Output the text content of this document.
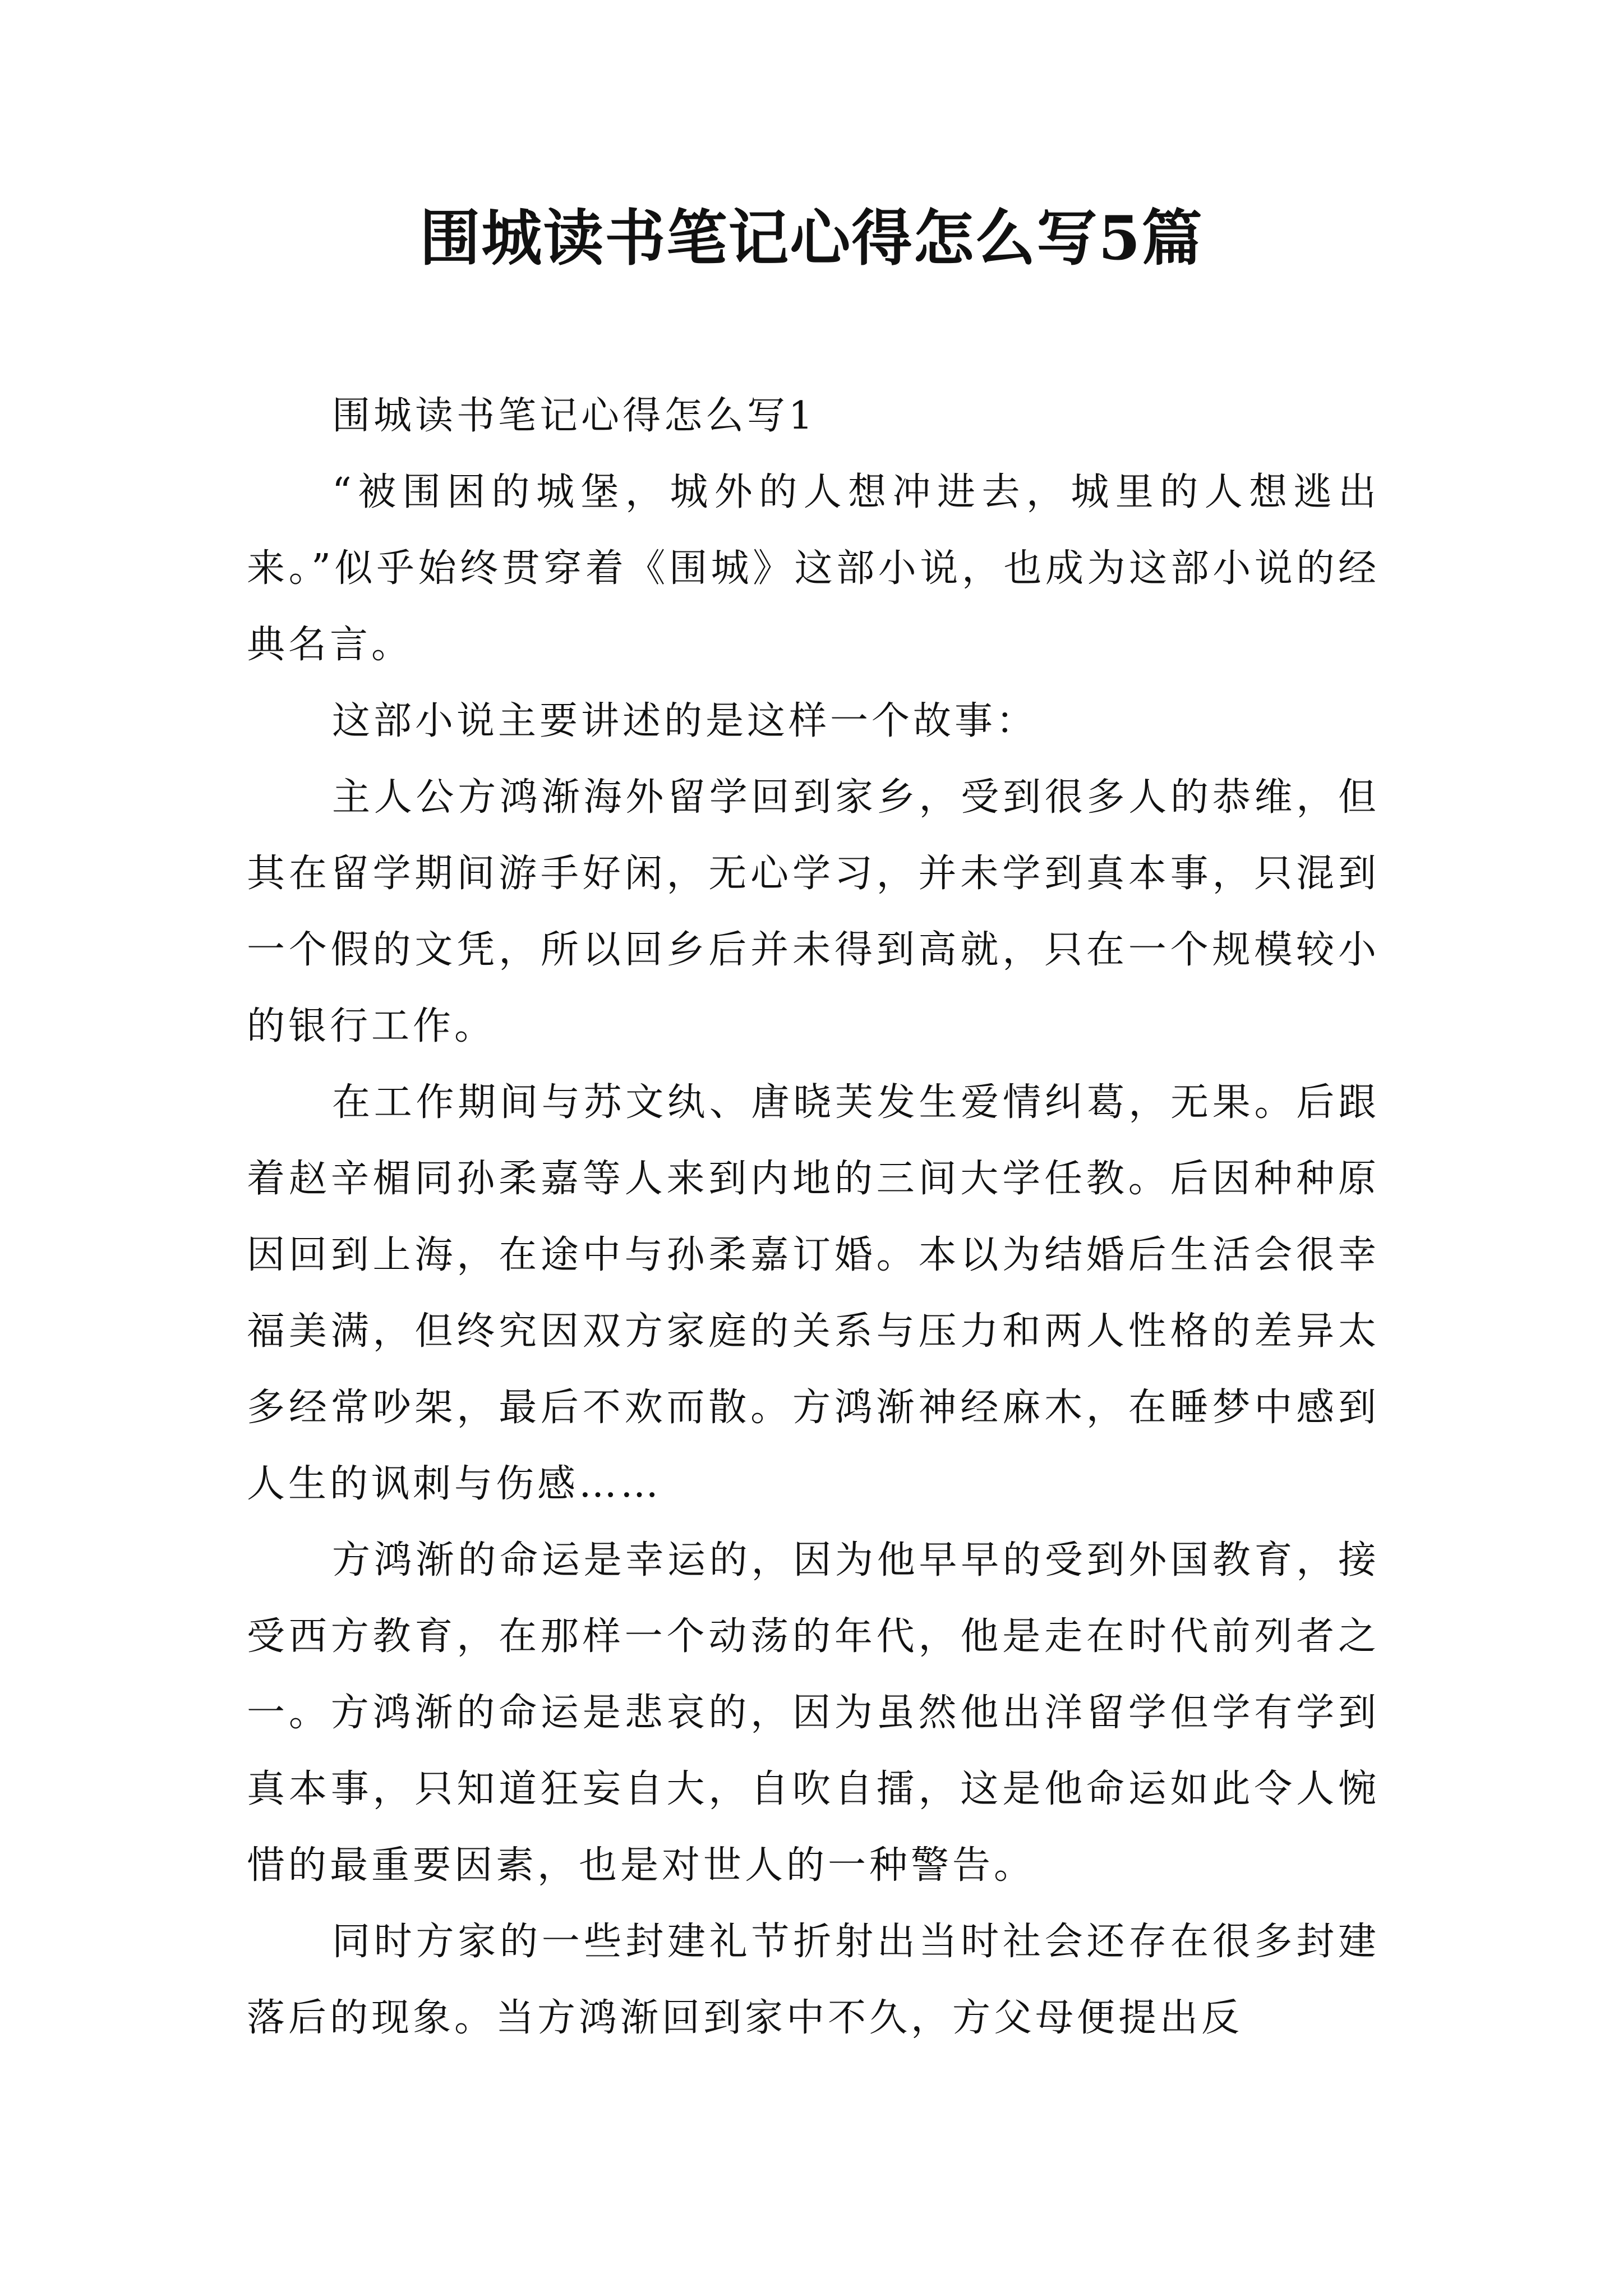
围城读书笔记心得怎么写5篇

围城读书笔记心得怎么写1

“被围困的城堡，城外的人想冲进去，城里的人想逃出来。”似乎始终贯穿着《围城》这部小说，也成为这部小说的经典名言。

这部小说主要讲述的是这样一个故事：

主人公方鸿渐海外留学回到家乡，受到很多人的恭维，但其在留学期间游手好闲，无心学习，并未学到真本事，只混到一个假的文凭，所以回乡后并未得到高就，只在一个规模较小的银行工作。

在工作期间与苏文纨、唐晓芙发生爱情纠葛，无果。后跟着赵辛楣同孙柔嘉等人来到内地的三间大学任教。后因种种原因回到上海，在途中与孙柔嘉订婚。本以为结婚后生活会很幸福美满，但终究因双方家庭的关系与压力和两人性格的差异太多经常吵架，最后不欢而散。方鸿渐神经麻木，在睡梦中感到人生的讽刺与伤感……

方鸿渐的命运是幸运的，因为他早早的受到外国教育，接受西方教育，在那样一个动荡的年代，他是走在时代前列者之一。方鸿渐的命运是悲哀的，因为虽然他出洋留学但学有学到真本事，只知道狂妄自大，自吹自擂，这是他命运如此令人惋惜的最重要因素，也是对世人的一种警告。

同时方家的一些封建礼节折射出当时社会还存在很多封建落后的现象。当方鸿渐回到家中不久，方父母便提出反
